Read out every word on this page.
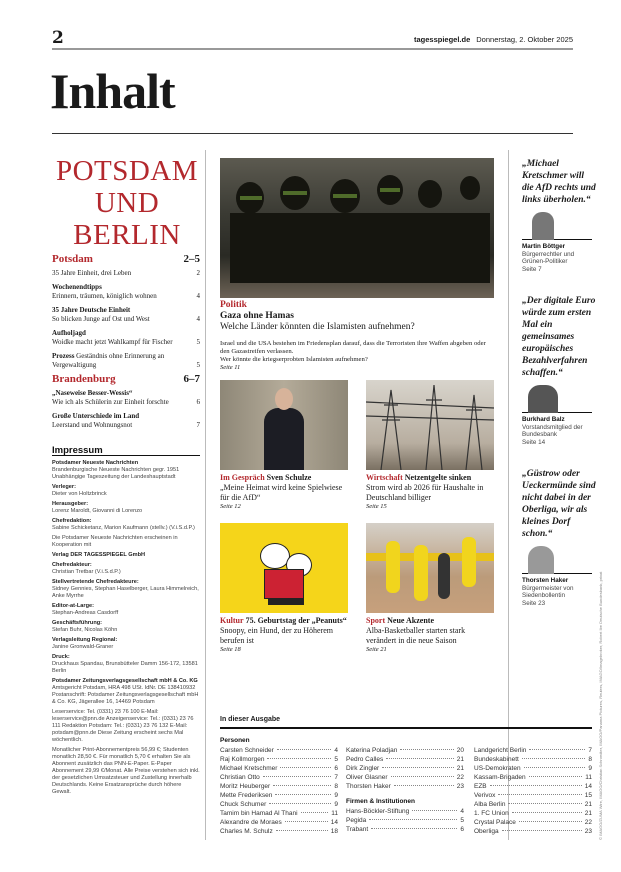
2	tagesspiegel.de Donnerstag, 2. Oktober 2025
Inhalt
POTSDAM
UND BERLIN
Potsdam	2–5
35 Jahre Einheit, drei Leben	2
Wochenendtipps
Erinnern, träumen, königlich wohnen	4
35 Jahre Deutsche Einheit
So blicken Junge auf Ost und West	4
Aufholjagd
Woidke macht jetzt Wahlkampf für Fischer	5
Prozess Geständnis ohne Erinnerung an Vergewaltigung	5
Brandenburg	6–7
„Naseweise Besser-Wessis“
Wie ich als Schülerin zur Einheit forschte	6
Große Unterschiede im Land
Leerstand und Wohnungsnot	7
Impressum

Potsdamer Neueste Nachrichten
Brandenburgische Neueste Nachrichten gegr. 1951 Unabhängige Tageszeitung der Landeshauptstadt

Verleger:
Dieter von Holtzbrinck

Herausgeber:
Lorenz Maroldt, Giovanni di Lorenzo

Chefredaktion:
Sabine Schicketanz, Marion Kaufmann (stellv.) (V.i.S.d.P.)

Die Potsdamer Neueste Nachrichten erscheinen in Kooperation mit

Verlag DER TAGESSPIEGEL GmbH

Chefredakteur:
Christian Tretbar (V.i.S.d.P.)

Stellvertretende Chefredakteure:
Sidney Gennies, Stephan Haselberger, Laura Himmelreich, Anke Myrrhe

Editor-at-Large:
Stephan-Andreas Casdorff

Geschäftsführung:
Stefan Buhr, Nicolas Köhn

Verlagsleitung Regional:
Janine Gronwald-Graner

Druck:
Druckhaus Spandau, Brunsbütteler Damm 156-172, 13581 Berlin

Potsdamer Zeitungsverlagsgesellschaft mbH & Co. KG
Amtsgericht Potsdam, HRA 498 USt. IdNr. DE 138410932 Postanschrift: Potsdamer Zeitungsverlagsgesellschaft mbH & Co. KG, Jägerallee 16, 14469 Potsdam

Leserservice: Tel. (0331) 23 76 100 E-Mail: leserservice@pnn.de Anzeigenservice: Tel.: (0331) 23 76 111 Redaktion Potsdam: Tel.: (0331) 23 76 132 E-Mail: potsdam@pnn.de Diese Zeitung erscheint sechs Mal wöchentlich.

Monatlicher Print-Abonnementpreis 56,99 €; Studenten monatlich 28,50 €. Für monatlich 5,70 € erhalten Sie als Abonnent zusätzlich das PNN-E-Paper. E-Paper Abonnement 29,99 €/Monat. Alle Preise verstehen sich inkl. der gesetzlichen Umsatzsteuer und Zustellung innerhalb Deutschlands. Keine Ersatzansprüche durch höhere Gewalt.

Politik
Gaza ohne Hamas
Welche Länder könnten die Islamisten aufnehmen?
Israel und die USA bestehen im Friedensplan darauf, dass die Terroristen ihre Waffen abgeben oder den Gazastreifen verlassen.
Wer könnte die kriegserprobten Islamisten aufnehmen?
Seite 11
Im Gespräch Sven Schulze
„Meine Heimat wird keine Spielwiese für die AfD“
Seite 12
Wirtschaft Netzentgelte sinken
Strom wird ab 2026 für Haushalte in Deutschland billiger
Seite 15
Kultur 75. Geburtstag der „Peanuts“ Snoopy, ein Hund, der zu Höherem berufen ist
Seite 18
Sport Neue Akzente
Alba-Basketballer starten stark verändert in die neue Saison
Seite 21
„Michael Kretschmer will die AfD rechts und links überholen.“
Martin Böttger
Bürgerrechtler und Grünen-Politiker
Seite 7
„Der digitale Euro würde zum ersten Mal ein gemeinsames europäisches Bezahlverfahren schaffen.“
Burkhard Balz
Vorstandsmitglied der Bundesbank
Seite 14
„Güstrow oder Ueckermünde sind nicht dabei in der Oberliga, wir als kleines Dorf schon.“
Thorsten Haker
Bürgermeister von Siedenbollentin
Seite 23
In dieser Ausgabe
Personen
Carsten Schneider	4
Raj Kollmorgen	5
Michael Kretschmer	6
Christian Otto	7
Moritz Heuberger	8
Mette Frederiksen	9
Chuck Schumer	9
Tamim bin Hamad Al Thani	11
Alexandre de Moraes	14
Charles M. Schulz	18
Katerina Poladjan	20
Pedro Calles	21
Dirk Zingler	21
Oliver Glasner	22
Thorsten Haker	23
Firmen & Institutionen
Hans-Böckler-Stiftung	4
Pegida	5
Trabant	6
Landgericht Berlin	7
Bundeskabinett	8
US-Demokraten	9
Kassam-Brigaden	11
EZB	14
Verivox	15
Alba Berlin	21
1. FC Union	21
Crystal Palace	22
Oberliga	23 © IMAGO/ZUMA Wire, IMAGO/Christian Schroedter, IMAGO/Panama Pictures, Reuters, IMAGO/Imagebroker, Robert Ibe Deutsche Bundesbank, privat
